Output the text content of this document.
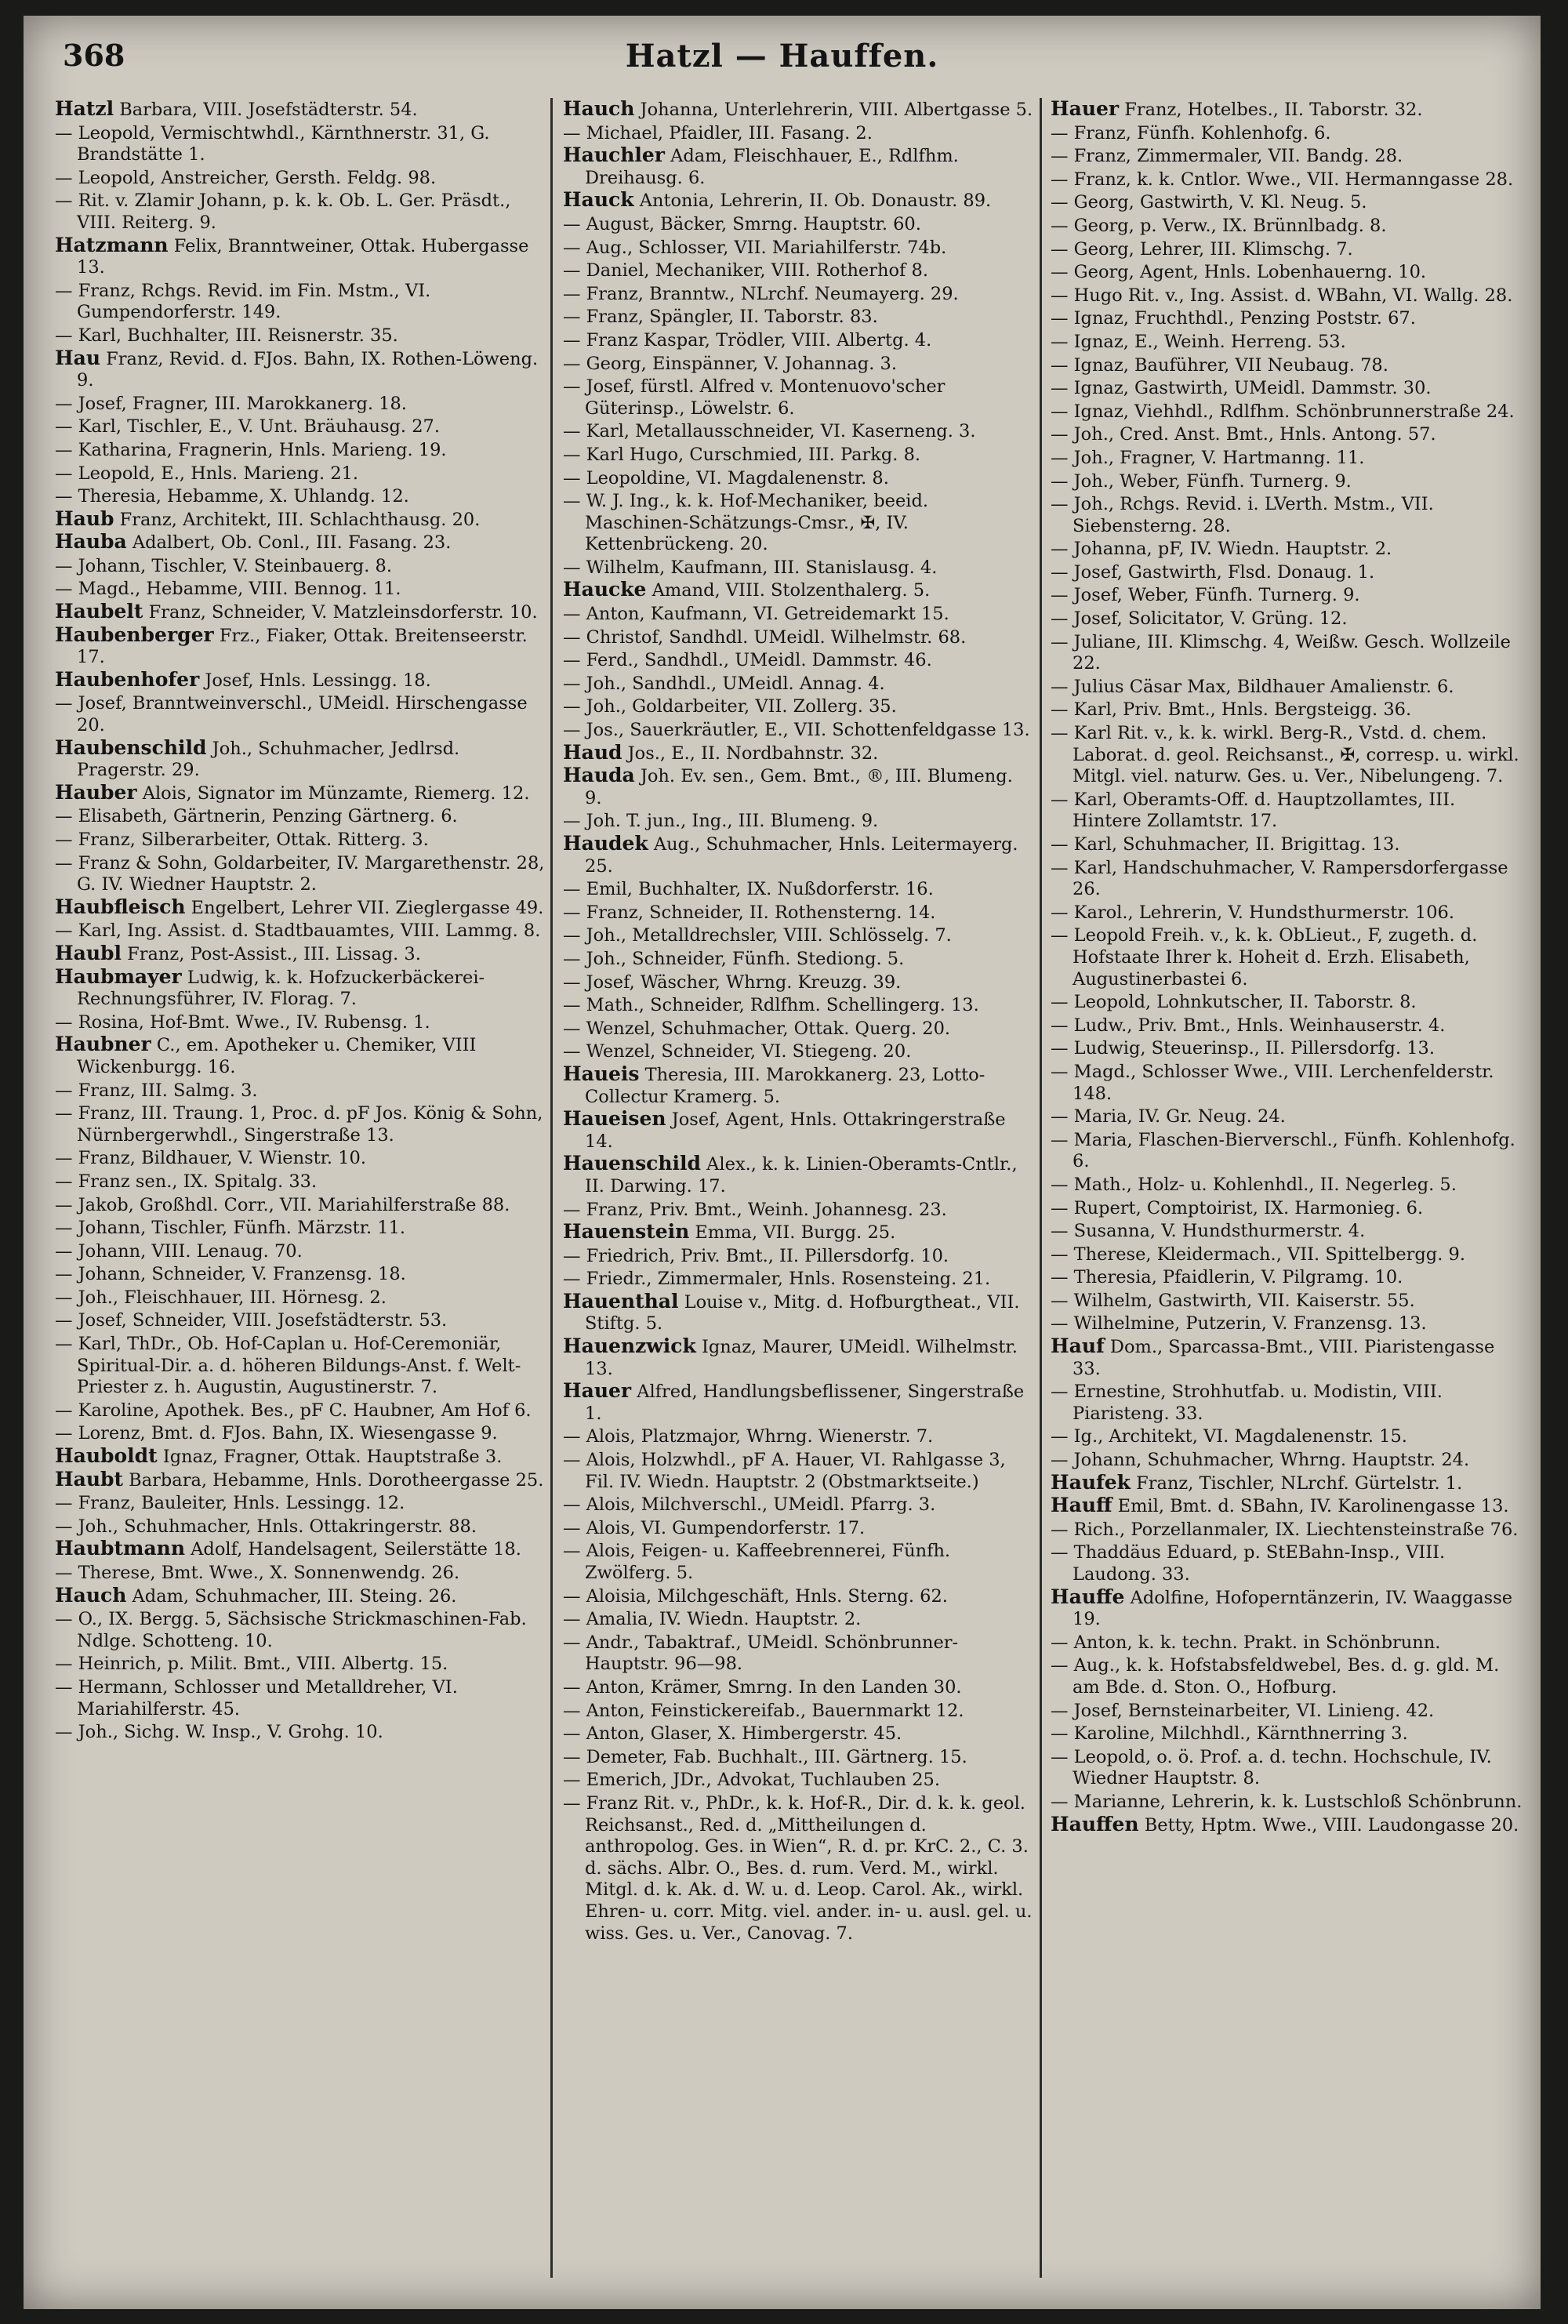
368	Hatzl — Hauffen.
Hatzl Barbara, VIII. Josefstädterstr. 54.
— Leopold, Vermischtwhdl., Kärnthnerstr. 31, G. Brandstätte 1.
— Leopold, Anstreicher, Gersth. Feldg. 98.
— Rit. v. Zlamir Johann, p. k. k. Ob. L. Ger. Präsdt., VIII. Reiterg. 9.
Hatzmann Felix, Branntweiner, Ottak. Hubergasse 13.
— Franz, Rchgs. Revid. im Fin. Mstm., VI. Gumpendorferstr. 149.
— Karl, Buchhalter, III. Reisnerstr. 35.
Hau Franz, Revid. d. FJos. Bahn, IX. Rothen-Löweng. 9.
— Josef, Fragner, III. Marokkanerg. 18.
— Karl, Tischler, E., V. Unt. Bräuhausg. 27.
— Katharina, Fragnerin, Hnls. Marieng. 19.
— Leopold, E., Hnls. Marieng. 21.
— Theresia, Hebamme, X. Uhlandg. 12.
Haub Franz, Architekt, III. Schlachthausg. 20.
Hauba Adalbert, Ob. Conl., III. Fasang. 23.
— Johann, Tischler, V. Steinbauerg. 8.
— Magd., Hebamme, VIII. Bennog. 11.
Haubelt Franz, Schneider, V. Matzleinsdorferstr. 10.
Haubenberger Frz., Fiaker, Ottak. Breitenseerstr. 17.
Haubenhofer Josef, Hnls. Lessingg. 18.
— Josef, Branntweinverschl., UMeidl. Hirschengasse 20.
Haubenschild Joh., Schuhmacher, Jedlrsd. Pragerstr. 29.
Hauber Alois, Signator im Münzamte, Riemerg. 12.
— Elisabeth, Gärtnerin, Penzing Gärtnerg. 6.
— Franz, Silberarbeiter, Ottak. Ritterg. 3.
— Franz & Sohn, Goldarbeiter, IV. Margarethenstr. 28, G. IV. Wiedner Hauptstr. 2.
Haubfleisch Engelbert, Lehrer VII. Zieglergasse 49.
— Karl, Ing. Assist. d. Stadtbauamtes, VIII. Lammg. 8.
Haubl Franz, Post-Assist., III. Lissag. 3.
Haubmayer Ludwig, k. k. Hofzuckerbäckerei-Rechnungsführer, IV. Florag. 7.
— Rosina, Hof-Bmt. Wwe., IV. Rubensg. 1.
Haubner C., em. Apotheker u. Chemiker, VIII Wickenburgg. 16.
— Franz, III. Salmg. 3.
— Franz, III. Traung. 1, Proc. d. pF Jos. König & Sohn, Nürnbergerwhdl., Singerstraße 13.
— Franz, Bildhauer, V. Wienstr. 10.
— Franz sen., IX. Spitalg. 33.
— Jakob, Großhdl. Corr., VII. Mariahilferstraße 88.
— Johann, Tischler, Fünfh. Märzstr. 11.
— Johann, VIII. Lenaug. 70.
— Johann, Schneider, V. Franzensg. 18.
— Joh., Fleischhauer, III. Hörnesg. 2.
— Josef, Schneider, VIII. Josefstädterstr. 53.
— Karl, ThDr., Ob. Hof-Caplan u. Hof-Ceremoniär, Spiritual-Dir. a. d. höheren Bildungs-Anst. f. Welt-Priester z. h. Augustin, Augustinerstr. 7.
— Karoline, Apothek. Bes., pF C. Haubner, Am Hof 6.
— Lorenz, Bmt. d. FJos. Bahn, IX. Wiesengasse 9.
Hauboldt Ignaz, Fragner, Ottak. Hauptstraße 3.
Haubt Barbara, Hebamme, Hnls. Dorotheergasse 25.
— Franz, Bauleiter, Hnls. Lessingg. 12.
— Joh., Schuhmacher, Hnls. Ottakringerstr. 88.
Haubtmann Adolf, Handelsagent, Seilerstätte 18.
— Therese, Bmt. Wwe., X. Sonnenwendg. 26.
Hauch Adam, Schuhmacher, III. Steing. 26.
— O., IX. Bergg. 5, Sächsische Strickmaschinen-Fab. Ndlge. Schotteng. 10.
— Heinrich, p. Milit. Bmt., VIII. Albertg. 15.
— Hermann, Schlosser und Metalldreher, VI. Mariahilferstr. 45.
— Joh., Sichg. W. Insp., V. Grohg. 10.
Hauch Johanna, Unterlehrerin, VIII. Albertgasse 5.
— Michael, Pfaidler, III. Fasang. 2.
Hauchler Adam, Fleischhauer, E., Rdlfhm. Dreihausg. 6.
Hauck Antonia, Lehrerin, II. Ob. Donaustr. 89.
— August, Bäcker, Smrng. Hauptstr. 60.
— Aug., Schlosser, VII. Mariahilferstr. 74b.
— Daniel, Mechaniker, VIII. Rotherhof 8.
— Franz, Branntw., NLrchf. Neumayerg. 29.
— Franz, Spängler, II. Taborstr. 83.
— Franz Kaspar, Trödler, VIII. Albertg. 4.
— Georg, Einspänner, V. Johannag. 3.
— Josef, fürstl. Alfred v. Montenuovo'scher Güterinsp., Löwelstr. 6.
— Karl, Metallausschneider, VI. Kaserneng. 3.
— Karl Hugo, Curschmied, III. Parkg. 8.
— Leopoldine, VI. Magdalenenstr. 8.
— W. J. Ing., k. k. Hof-Mechaniker, beeid. Maschinen-Schätzungs-Cmsr., ✠, IV. Kettenbrückeng. 20.
— Wilhelm, Kaufmann, III. Stanislausg. 4.
Haucke Amand, VIII. Stolzenthalerg. 5.
— Anton, Kaufmann, VI. Getreidemarkt 15.
— Christof, Sandhdl. UMeidl. Wilhelmstr. 68.
— Ferd., Sandhdl., UMeidl. Dammstr. 46.
— Joh., Sandhdl., UMeidl. Annag. 4.
— Joh., Goldarbeiter, VII. Zollerg. 35.
— Jos., Sauerkräutler, E., VII. Schottenfeldgasse 13.
Haud Jos., E., II. Nordbahnstr. 32.
Hauda Joh. Ev. sen., Gem. Bmt., ®, III. Blumeng. 9.
— Joh. T. jun., Ing., III. Blumeng. 9.
Haudek Aug., Schuhmacher, Hnls. Leitermayerg. 25.
— Emil, Buchhalter, IX. Nußdorferstr. 16.
— Franz, Schneider, II. Rothensterng. 14.
— Joh., Metalldrechsler, VIII. Schlösselg. 7.
— Joh., Schneider, Fünfh. Stediong. 5.
— Josef, Wäscher, Whrng. Kreuzg. 39.
— Math., Schneider, Rdlfhm. Schellingerg. 13.
— Wenzel, Schuhmacher, Ottak. Querg. 20.
— Wenzel, Schneider, VI. Stiegeng. 20.
Haueis Theresia, III. Marokkanerg. 23, Lotto-Collectur Kramerg. 5.
Haueisen Josef, Agent, Hnls. Ottakringerstraße 14.
Hauenschild Alex., k. k. Linien-Oberamts-Cntlr., II. Darwing. 17.
— Franz, Priv. Bmt., Weinh. Johannesg. 23.
Hauenstein Emma, VII. Burgg. 25.
— Friedrich, Priv. Bmt., II. Pillersdorfg. 10.
— Friedr., Zimmermaler, Hnls. Rosensteing. 21.
Hauenthal Louise v., Mitg. d. Hofburgtheat., VII. Stiftg. 5.
Hauenzwick Ignaz, Maurer, UMeidl. Wilhelmstr. 13.
Hauer Alfred, Handlungsbeflissener, Singerstraße 1.
— Alois, Platzmajor, Whrng. Wienerstr. 7.
— Alois, Holzwhdl., pF A. Hauer, VI. Rahlgasse 3, Fil. IV. Wiedn. Hauptstr. 2 (Obstmarktseite.)
— Alois, Milchverschl., UMeidl. Pfarrg. 3.
— Alois, VI. Gumpendorferstr. 17.
— Alois, Feigen- u. Kaffeebrennerei, Fünfh. Zwölferg. 5.
— Aloisia, Milchgeschäft, Hnls. Sterng. 62.
— Amalia, IV. Wiedn. Hauptstr. 2.
— Andr., Tabaktraf., UMeidl. Schönbrunner-Hauptstr. 96—98.
— Anton, Krämer, Smrng. In den Landen 30.
— Anton, Feinstickereifab., Bauernmarkt 12.
— Anton, Glaser, X. Himbergerstr. 45.
— Demeter, Fab. Buchhalt., III. Gärtnerg. 15.
— Emerich, JDr., Advokat, Tuchlauben 25.
— Franz Rit. v., PhDr., k. k. Hof-R., Dir. d. k. k. geol. Reichsanst., Red. d. „Mittheilungen d. anthropolog. Ges. in Wien“, R. d. pr. KrC. 2., C. 3. d. sächs. Albr. O., Bes. d. rum. Verd. M., wirkl. Mitgl. d. k. Ak. d. W. u. d. Leop. Carol. Ak., wirkl. Ehren- u. corr. Mitg. viel. ander. in- u. ausl. gel. u. wiss. Ges. u. Ver., Canovag. 7.
Hauer Franz, Hotelbes., II. Taborstr. 32.
— Franz, Fünfh. Kohlenhofg. 6.
— Franz, Zimmermaler, VII. Bandg. 28.
— Franz, k. k. Cntlor. Wwe., VII. Hermanngasse 28.
— Georg, Gastwirth, V. Kl. Neug. 5.
— Georg, p. Verw., IX. Brünnlbadg. 8.
— Georg, Lehrer, III. Klimschg. 7.
— Georg, Agent, Hnls. Lobenhauerng. 10.
— Hugo Rit. v., Ing. Assist. d. WBahn, VI. Wallg. 28.
— Ignaz, Fruchthdl., Penzing Poststr. 67.
— Ignaz, E., Weinh. Herreng. 53.
— Ignaz, Bauführer, VII Neubaug. 78.
— Ignaz, Gastwirth, UMeidl. Dammstr. 30.
— Ignaz, Viehhdl., Rdlfhm. Schönbrunnerstraße 24.
— Joh., Cred. Anst. Bmt., Hnls. Antong. 57.
— Joh., Fragner, V. Hartmanng. 11.
— Joh., Weber, Fünfh. Turnerg. 9.
— Joh., Rchgs. Revid. i. LVerth. Mstm., VII. Siebensterng. 28.
— Johanna, pF, IV. Wiedn. Hauptstr. 2.
— Josef, Gastwirth, Flsd. Donaug. 1.
— Josef, Weber, Fünfh. Turnerg. 9.
— Josef, Solicitator, V. Grüng. 12.
— Juliane, III. Klimschg. 4, Weißw. Gesch. Wollzeile 22.
— Julius Cäsar Max, Bildhauer Amalienstr. 6.
— Karl, Priv. Bmt., Hnls. Bergsteigg. 36.
— Karl Rit. v., k. k. wirkl. Berg-R., Vstd. d. chem. Laborat. d. geol. Reichsanst., ✠, corresp. u. wirkl. Mitgl. viel. naturw. Ges. u. Ver., Nibelungeng. 7.
— Karl, Oberamts-Off. d. Hauptzollamtes, III. Hintere Zollamtstr. 17.
— Karl, Schuhmacher, II. Brigittag. 13.
— Karl, Handschuhmacher, V. Rampersdorfergasse 26.
— Karol., Lehrerin, V. Hundsthurmerstr. 106.
— Leopold Freih. v., k. k. ObLieut., F, zugeth. d. Hofstaate Ihrer k. Hoheit d. Erzh. Elisabeth, Augustinerbastei 6.
— Leopold, Lohnkutscher, II. Taborstr. 8.
— Ludw., Priv. Bmt., Hnls. Weinhauserstr. 4.
— Ludwig, Steuerinsp., II. Pillersdorfg. 13.
— Magd., Schlosser Wwe., VIII. Lerchenfelderstr. 148.
— Maria, IV. Gr. Neug. 24.
— Maria, Flaschen-Bierverschl., Fünfh. Kohlenhofg. 6.
— Math., Holz- u. Kohlenhdl., II. Negerleg. 5.
— Rupert, Comptoirist, IX. Harmonieg. 6.
— Susanna, V. Hundsthurmerstr. 4.
— Therese, Kleidermach., VII. Spittelbergg. 9.
— Theresia, Pfaidlerin, V. Pilgramg. 10.
— Wilhelm, Gastwirth, VII. Kaiserstr. 55.
— Wilhelmine, Putzerin, V. Franzensg. 13.
Hauf Dom., Sparcassa-Bmt., VIII. Piaristengasse 33.
— Ernestine, Strohhutfab. u. Modistin, VIII. Piaristeng. 33.
— Ig., Architekt, VI. Magdalenenstr. 15.
— Johann, Schuhmacher, Whrng. Hauptstr. 24.
Haufek Franz, Tischler, NLrchf. Gürtelstr. 1.
Hauff Emil, Bmt. d. SBahn, IV. Karolinengasse 13.
— Rich., Porzellanmaler, IX. Liechtensteinstraße 76.
— Thaddäus Eduard, p. StEBahn-Insp., VIII. Laudong. 33.
Hauffe Adolfine, Hofoperntänzerin, IV. Waaggasse 19.
— Anton, k. k. techn. Prakt. in Schönbrunn.
— Aug., k. k. Hofstabsfeldwebel, Bes. d. g. gld. M. am Bde. d. Ston. O., Hofburg.
— Josef, Bernsteinarbeiter, VI. Linieng. 42.
— Karoline, Milchhdl., Kärnthnerring 3.
— Leopold, o. ö. Prof. a. d. techn. Hochschule, IV. Wiedner Hauptstr. 8.
— Marianne, Lehrerin, k. k. Lustschloß Schönbrunn.
Hauffen Betty, Hptm. Wwe., VIII. Laudongasse 20.
